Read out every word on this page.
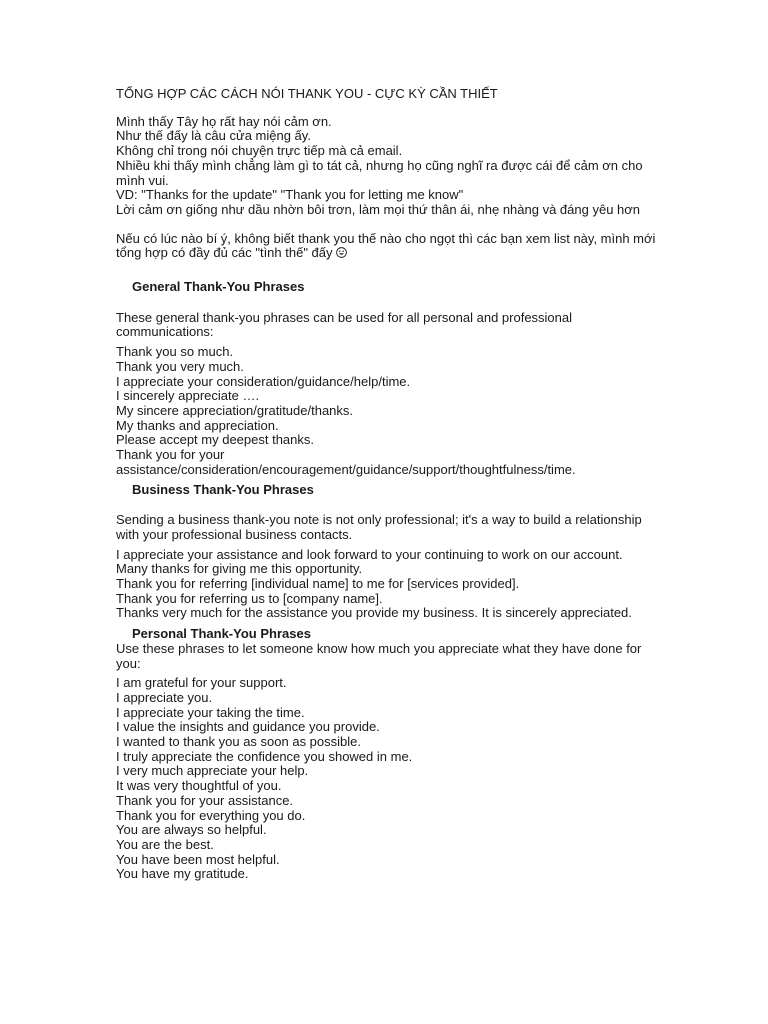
TỔNG HỢP CÁC CÁCH NÓI THANK YOU - CỰC KỲ CẦN THIẾT
Mình thấy Tây họ rất hay nói cảm ơn.
Như thế đấy là câu cửa miệng ấy.
Không chỉ trong nói chuyện trực tiếp mà cả email.
Nhiều khi thấy mình chẳng làm gì to tát cả, nhưng họ cũng nghĩ ra được cái để cảm ơn cho mình vui.
VD: "Thanks for the update" "Thank you for letting me know"
Lời cảm ơn giống như dầu nhờn bôi trơn, làm mọi thứ thân ái, nhẹ nhàng và đáng yêu hơn
Nếu có lúc nào bí ý, không biết thank you thế nào cho ngọt thì các bạn xem list này, mình mới tổng hợp có đầy đủ các "tình thế" đấy
General Thank-You Phrases
These general thank-you phrases can be used for all personal and professional communications:
Thank you so much.
Thank you very much.
I appreciate your consideration/guidance/help/time.
I sincerely appreciate ….
My sincere appreciation/gratitude/thanks.
My thanks and appreciation.
Please accept my deepest thanks.
Thank you for your assistance/consideration/encouragement/guidance/support/thoughtfulness/time.
Business Thank-You Phrases
Sending a business thank-you note is not only professional; it's a way to build a relationship with your professional business contacts.
I appreciate your assistance and look forward to your continuing to work on our account.
Many thanks for giving me this opportunity.
Thank you for referring [individual name] to me for [services provided].
Thank you for referring us to [company name].
Thanks very much for the assistance you provide my business. It is sincerely appreciated.
Personal Thank-You Phrases
Use these phrases to let someone know how much you appreciate what they have done for you:
I am grateful for your support.
I appreciate you.
I appreciate your taking the time.
I value the insights and guidance you provide.
I wanted to thank you as soon as possible.
I truly appreciate the confidence you showed in me.
I very much appreciate your help.
It was very thoughtful of you.
Thank you for your assistance.
Thank you for everything you do.
You are always so helpful.
You are the best.
You have been most helpful.
You have my gratitude.
